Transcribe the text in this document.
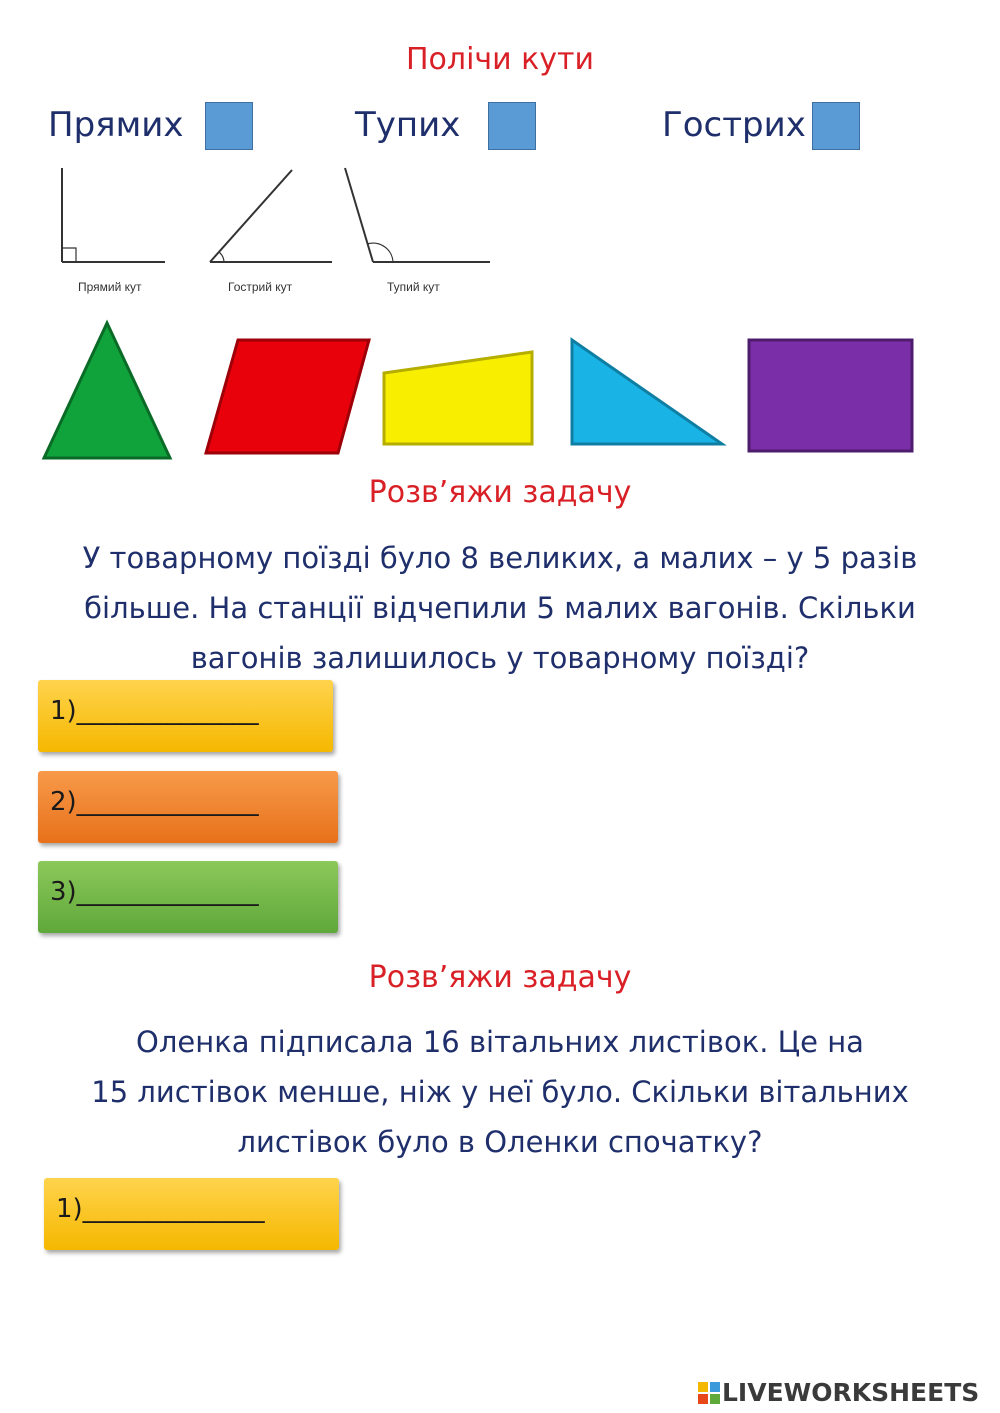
Полічи кути
Прямих	Тупих	Гострих
Прямий кут	Гострий кут	Тупий кут
Розв’яжи задачу
У товарному поїзді було 8 великих, а малих – у 5 разів
більше. На станції відчепили 5 малих вагонів. Скільки
вагонів залишилось у товарному поїзді?
1)______________
2)______________
3)______________
Розв’яжи задачу
Оленка підписала 16 вітальних листівок. Це на
15 листівок менше, ніж у неї було. Скільки вітальних
листівок було в Оленки спочатку?
1)______________
LIVEWORKSHEETS
